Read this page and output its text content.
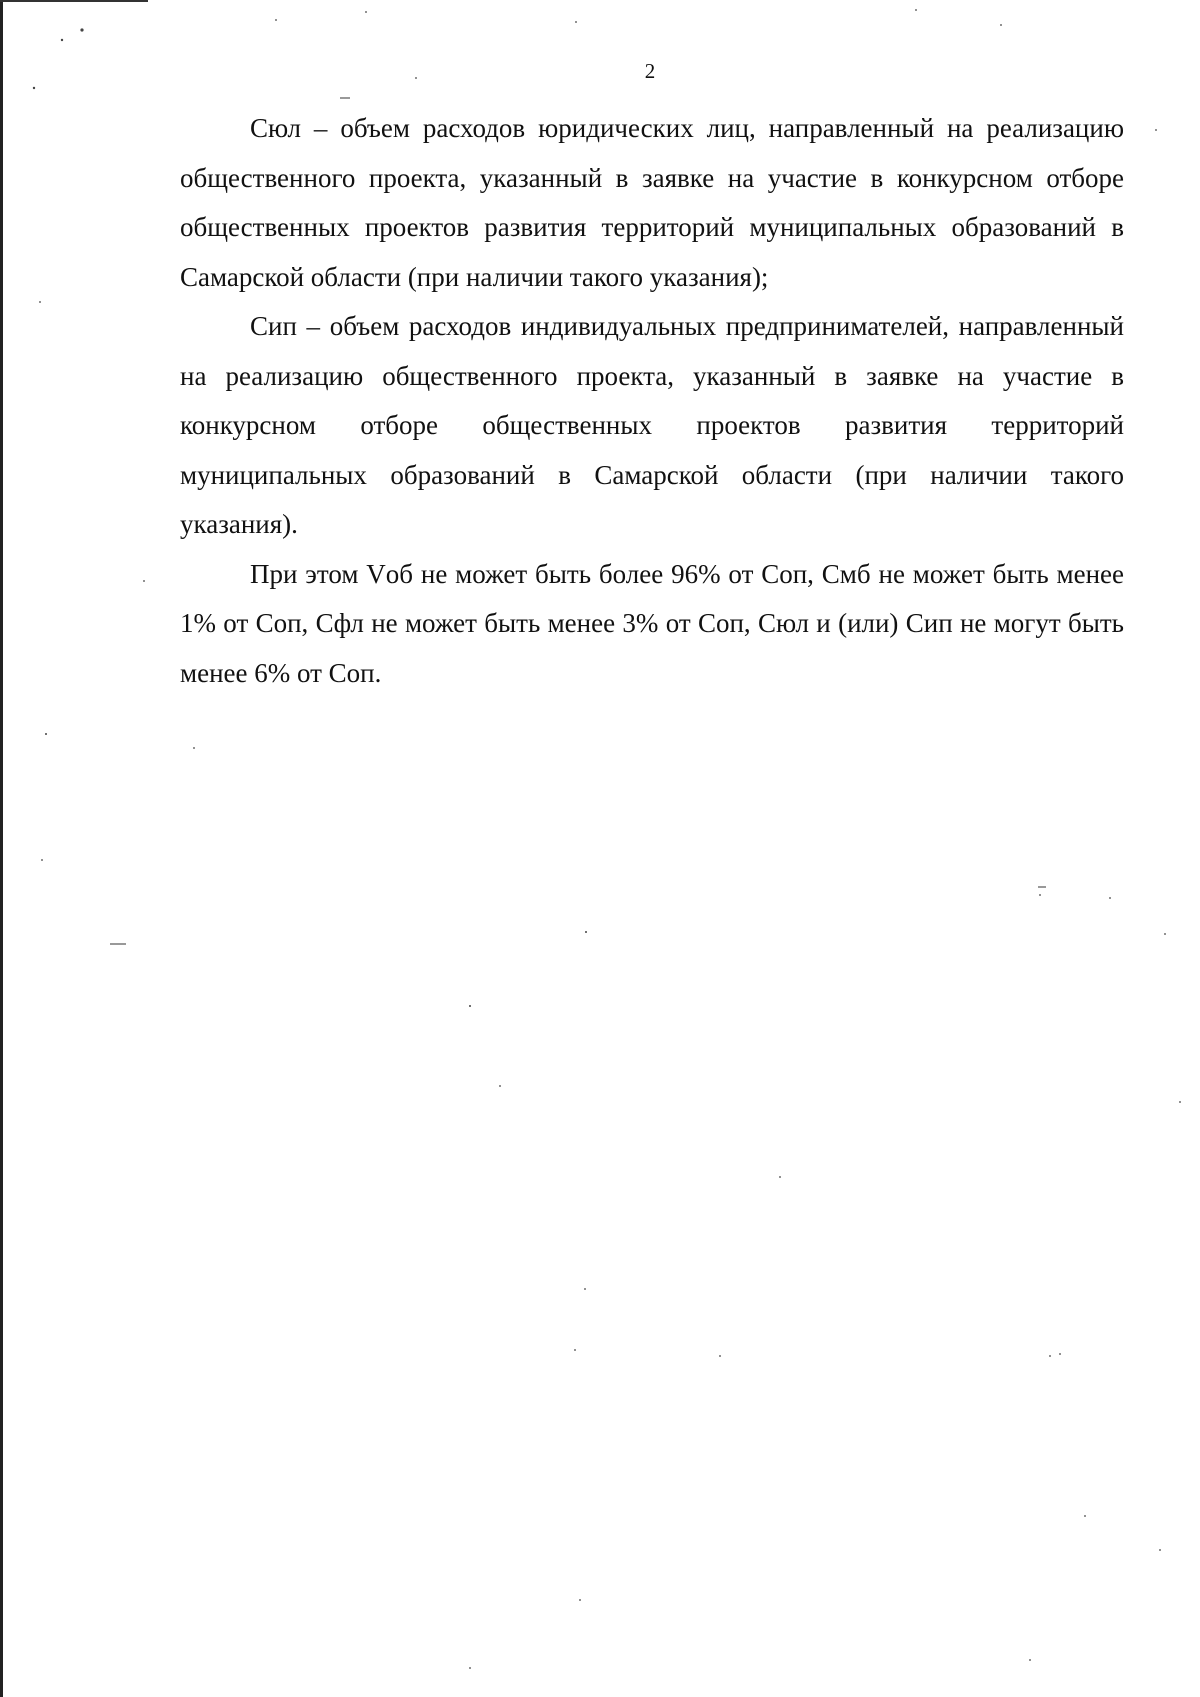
2

Сюл – объем расходов юридических лиц, направленный на реализацию общественного проекта, указанный в заявке на участие в конкурсном отборе общественных проектов развития территорий муниципальных образований в Самарской области (при наличии такого указания);

Сип – объем расходов индивидуальных предпринимателей, направленный на реализацию общественного проекта, указанный в заявке на участие в конкурсном отборе общественных проектов развития территорий муниципальных образований в Самарской области (при наличии такого указания).

При этом Vоб не может быть более 96% от Соп, Смб не может быть менее 1% от Соп, Сфл не может быть менее 3% от Соп, Сюл и (или) Сип не могут быть менее 6% от Соп.
